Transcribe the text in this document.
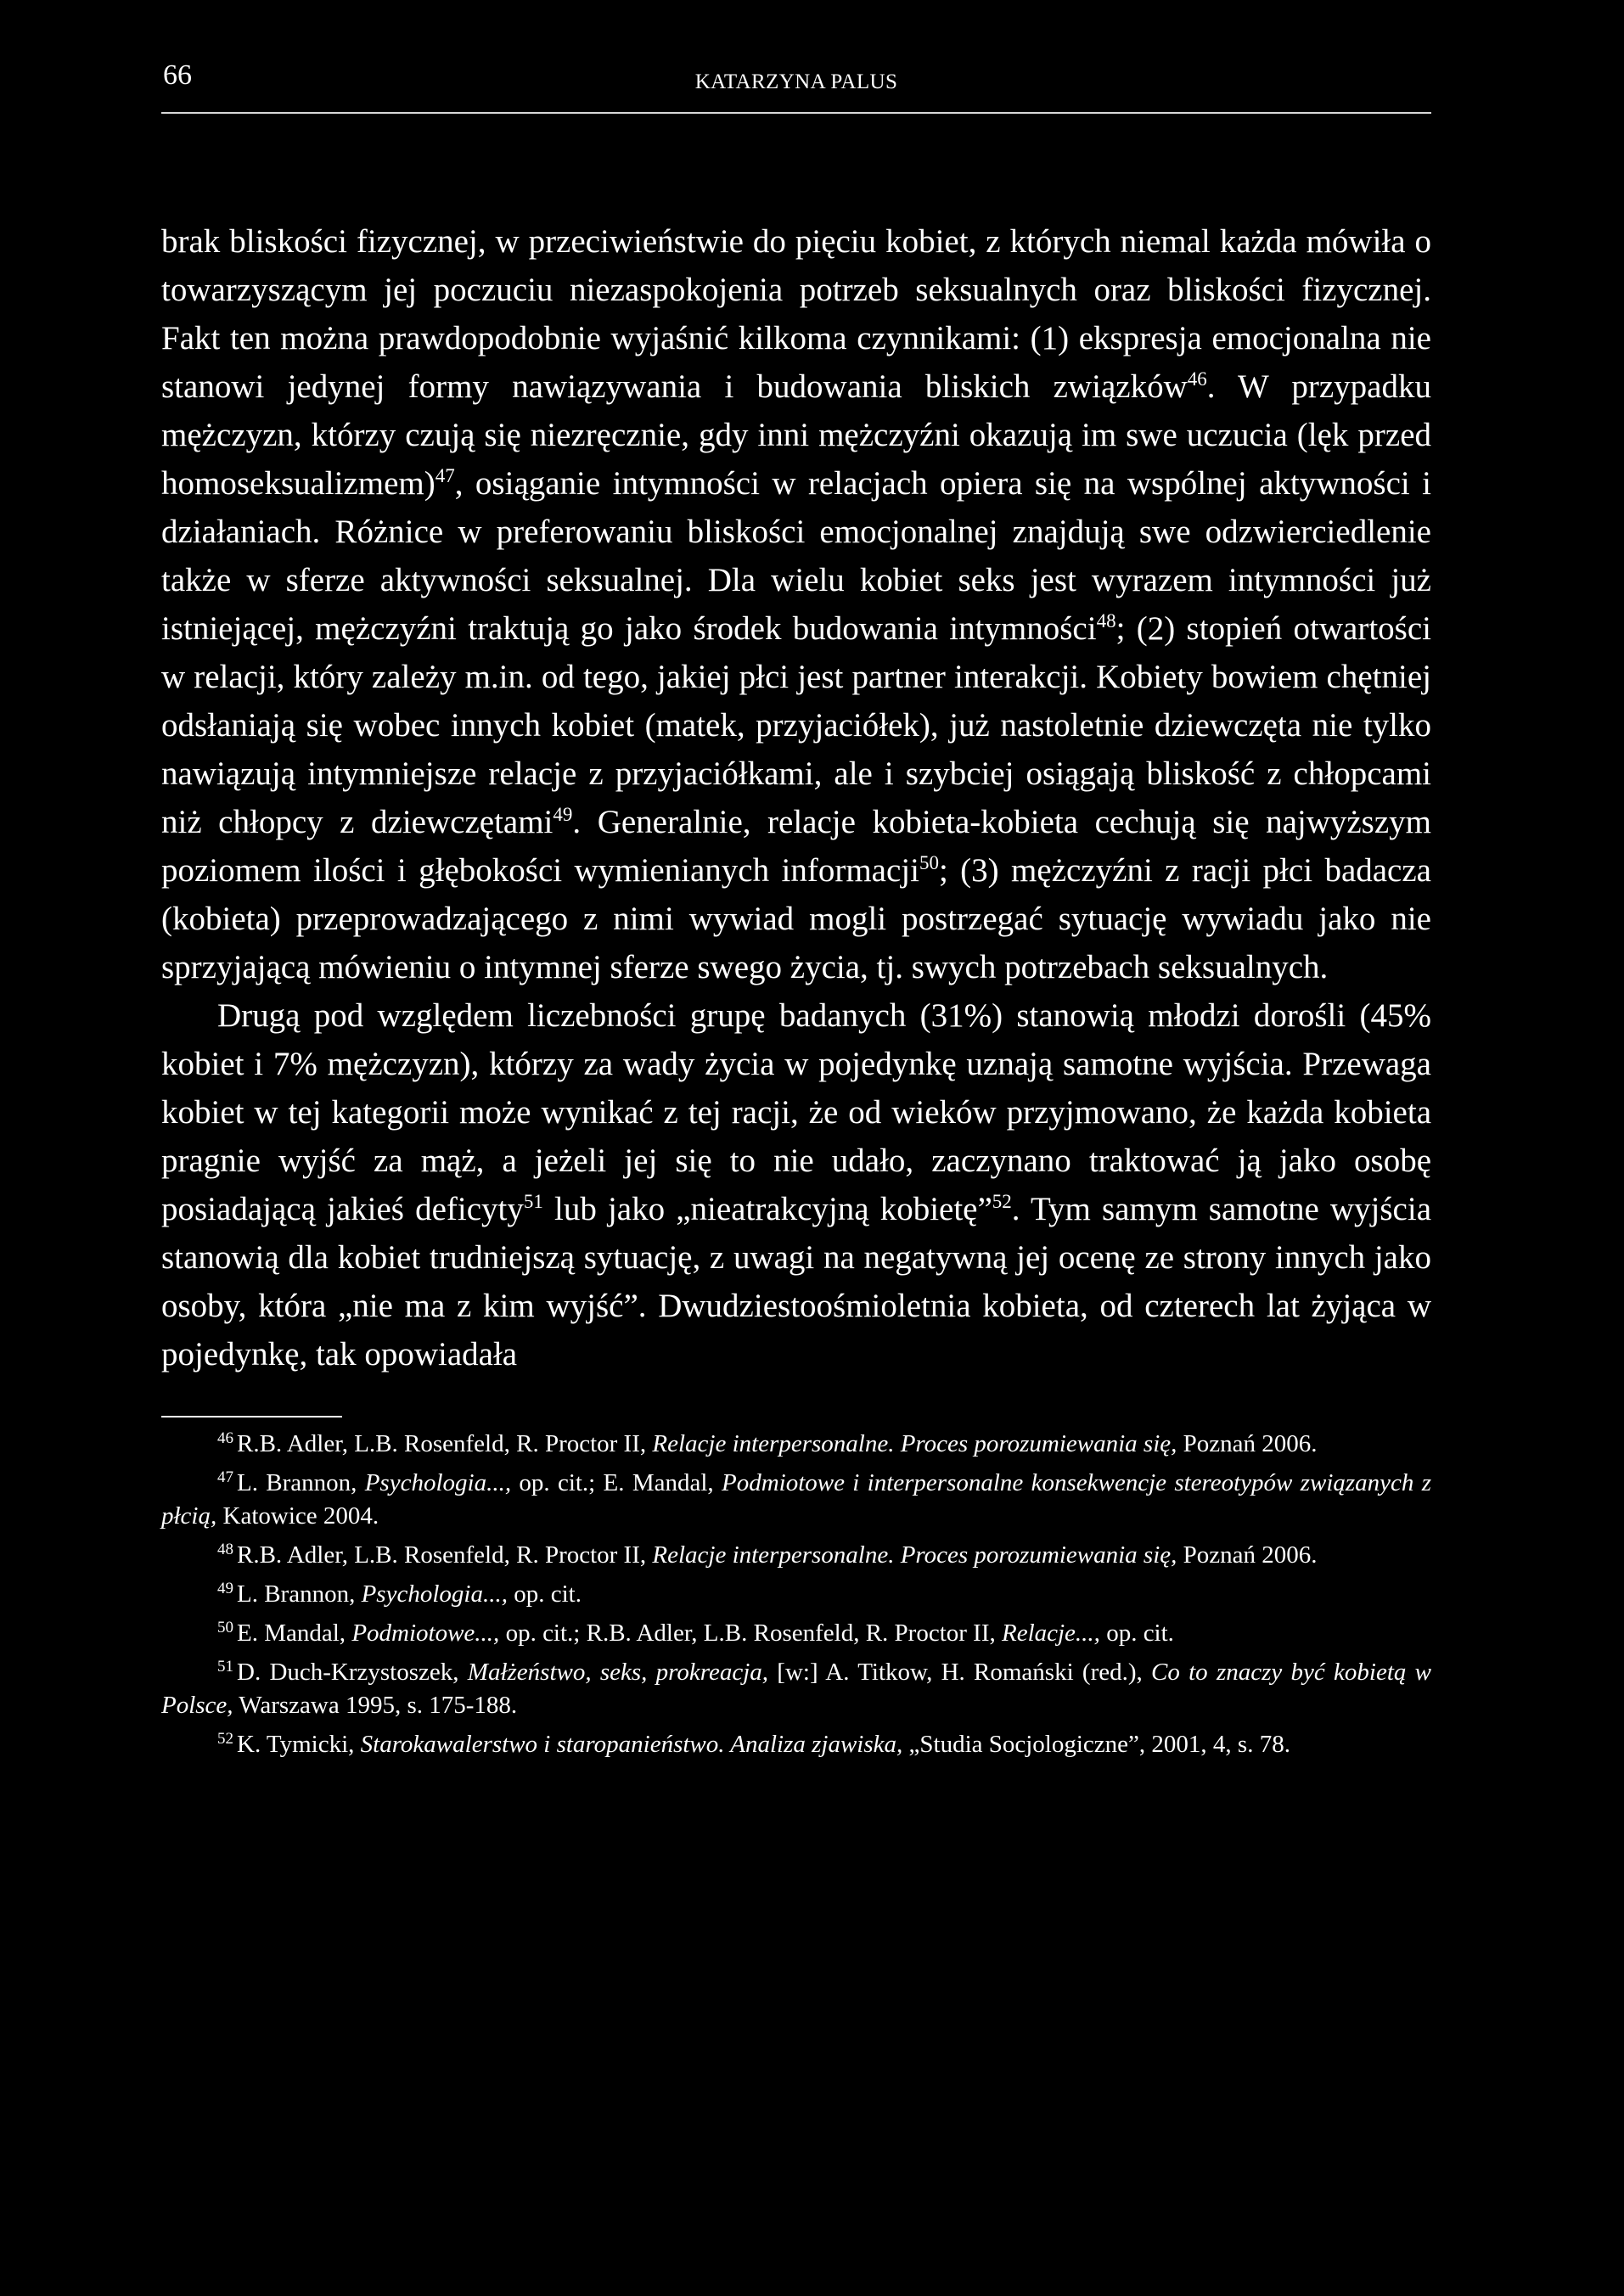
66	KATARZYNA PALUS

brak bliskości fizycznej, w przeciwieństwie do pięciu kobiet, z których niemal każda mówiła o towarzyszącym jej poczuciu niezaspokojenia potrzeb seksualnych oraz bliskości fizycznej. Fakt ten można prawdopodobnie wyjaśnić kilkoma czynnikami: (1) ekspresja emocjonalna nie stanowi jedynej formy nawiązywania i budowania bliskich związków$^{46}$. W przypadku mężczyzn, którzy czują się niezręcznie, gdy inni mężczyźni okazują im swe uczucia (lęk przed homoseksualizmem)$^{47}$, osiąganie intymności w relacjach opiera się na wspólnej aktywności i działaniach. Różnice w preferowaniu bliskości emocjonalnej znajdują swe odzwierciedlenie także w sferze aktywności seksualnej. Dla wielu kobiet seks jest wyrazem intymności już istniejącej, mężczyźni traktują go jako środek budowania intymności$^{48}$; (2) stopień otwartości w relacji, który zależy m.in. od tego, jakiej płci jest partner interakcji. Kobiety bowiem chętniej odsłaniają się wobec innych kobiet (matek, przyjaciółek), już nastoletnie dziewczęta nie tylko nawiązują intymniejsze relacje z przyjaciółkami, ale i szybciej osiągają bliskość z chłopcami niż chłopcy z dziewczętami$^{49}$. Generalnie, relacje kobieta-kobieta cechują się najwyższym poziomem ilości i głębokości wymienianych informacji$^{50}$; (3) mężczyźni z racji płci badacza (kobieta) przeprowadzającego z nimi wywiad mogli postrzegać sytuację wywiadu jako nie sprzyjającą mówieniu o intymnej sferze swego życia, tj. swych potrzebach seksualnych.

Drugą pod względem liczebności grupę badanych (31%) stanowią młodzi dorośli (45% kobiet i 7% mężczyzn), którzy za wady życia w pojedynkę uznają samotne wyjścia. Przewaga kobiet w tej kategorii może wynikać z tej racji, że od wieków przyjmowano, że każda kobieta pragnie wyjść za mąż, a jeżeli jej się to nie udało, zaczynano traktować ją jako osobę posiadającą jakieś deficyty$^{51}$ lub jako „nieatrakcyjną kobietę”$^{52}$. Tym samym samotne wyjścia stanowią dla kobiet trudniejszą sytuację, z uwagi na negatywną jej ocenę ze strony innych jako osoby, która „nie ma z kim wyjść”. Dwudziestoośmioletnia kobieta, od czterech lat żyjąca w pojedynkę, tak opowiadała

$^{46}$ R.B. Adler, L.B. Rosenfeld, R. Proctor II, Relacje interpersonalne. Proces porozumiewania się, Poznań 2006.

$^{47}$ L. Brannon, Psychologia..., op. cit.; E. Mandal, Podmiotowe i interpersonalne konsekwencje stereotypów związanych z płcią, Katowice 2004.

$^{48}$ R.B. Adler, L.B. Rosenfeld, R. Proctor II, Relacje interpersonalne. Proces porozumiewania się, Poznań 2006.

$^{49}$ L. Brannon, Psychologia..., op. cit.

$^{50}$ E. Mandal, Podmiotowe..., op. cit.; R.B. Adler, L.B. Rosenfeld, R. Proctor II, Relacje..., op. cit.

$^{51}$ D. Duch-Krzystoszek, Małżeństwo, seks, prokreacja, [w:] A. Titkow, H. Romański (red.), Co to znaczy być kobietą w Polsce, Warszawa 1995, s. 175-188.

$^{52}$ K. Tymicki, Starokawalerstwo i staropanieństwo. Analiza zjawiska, „Studia Socjologiczne”, 2001, 4, s. 78.
